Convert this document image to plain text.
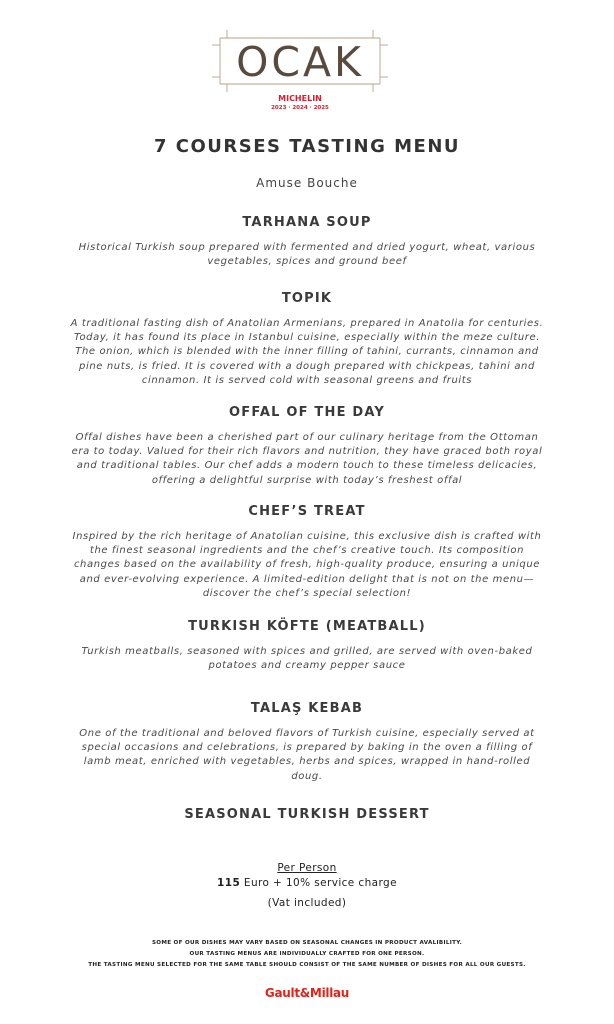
OCAK
MICHELIN
2023 · 2024 · 2025
7 COURSES TASTING MENU
Amuse Bouche
TARHANA SOUP

Historical Turkish soup prepared with fermented and dried yogurt, wheat, various vegetables, spices and ground beef

TOPIK

A traditional fasting dish of Anatolian Armenians, prepared in Anatolia for centuries. Today, it has found its place in Istanbul cuisine, especially within the meze culture. The onion, which is blended with the inner filling of tahini, currants, cinnamon and pine nuts, is fried. It is covered with a dough prepared with chickpeas, tahini and cinnamon. It is served cold with seasonal greens and fruits

OFFAL OF THE DAY

Offal dishes have been a cherished part of our culinary heritage from the Ottoman era to today. Valued for their rich flavors and nutrition, they have graced both royal and traditional tables. Our chef adds a modern touch to these timeless delicacies, offering a delightful surprise with today’s freshest offal

CHEF’S TREAT

Inspired by the rich heritage of Anatolian cuisine, this exclusive dish is crafted with the finest seasonal ingredients and the chef’s creative touch. Its composition changes based on the availability of fresh, high-quality produce, ensuring a unique and ever-evolving experience. A limited-edition delight that is not on the menu—discover the chef’s special selection!

TURKISH KÖFTE (MEATBALL)

Turkish meatballs, seasoned with spices and grilled, are served with oven-baked potatoes and creamy pepper sauce

TALAŞ KEBAB

One of the traditional and beloved flavors of Turkish cuisine, especially served at special occasions and celebrations, is prepared by baking in the oven a filling of lamb meat, enriched with vegetables, herbs and spices, wrapped in hand-rolled doug.

SEASONAL TURKISH DESSERT
Per Person
115 Euro + 10% service charge
(Vat included)
SOME OF OUR DISHES MAY VARY BASED ON SEASONAL CHANGES IN PRODUCT AVALIBILITY.
OUR TASTING MENUS ARE INDIVIDUALLY CRAFTED FOR ONE PERSON.
THE TASTING MENU SELECTED FOR THE SAME TABLE SHOULD CONSIST OF THE SAME NUMBER OF DISHES FOR ALL OUR GUESTS.
Gault&Millau
